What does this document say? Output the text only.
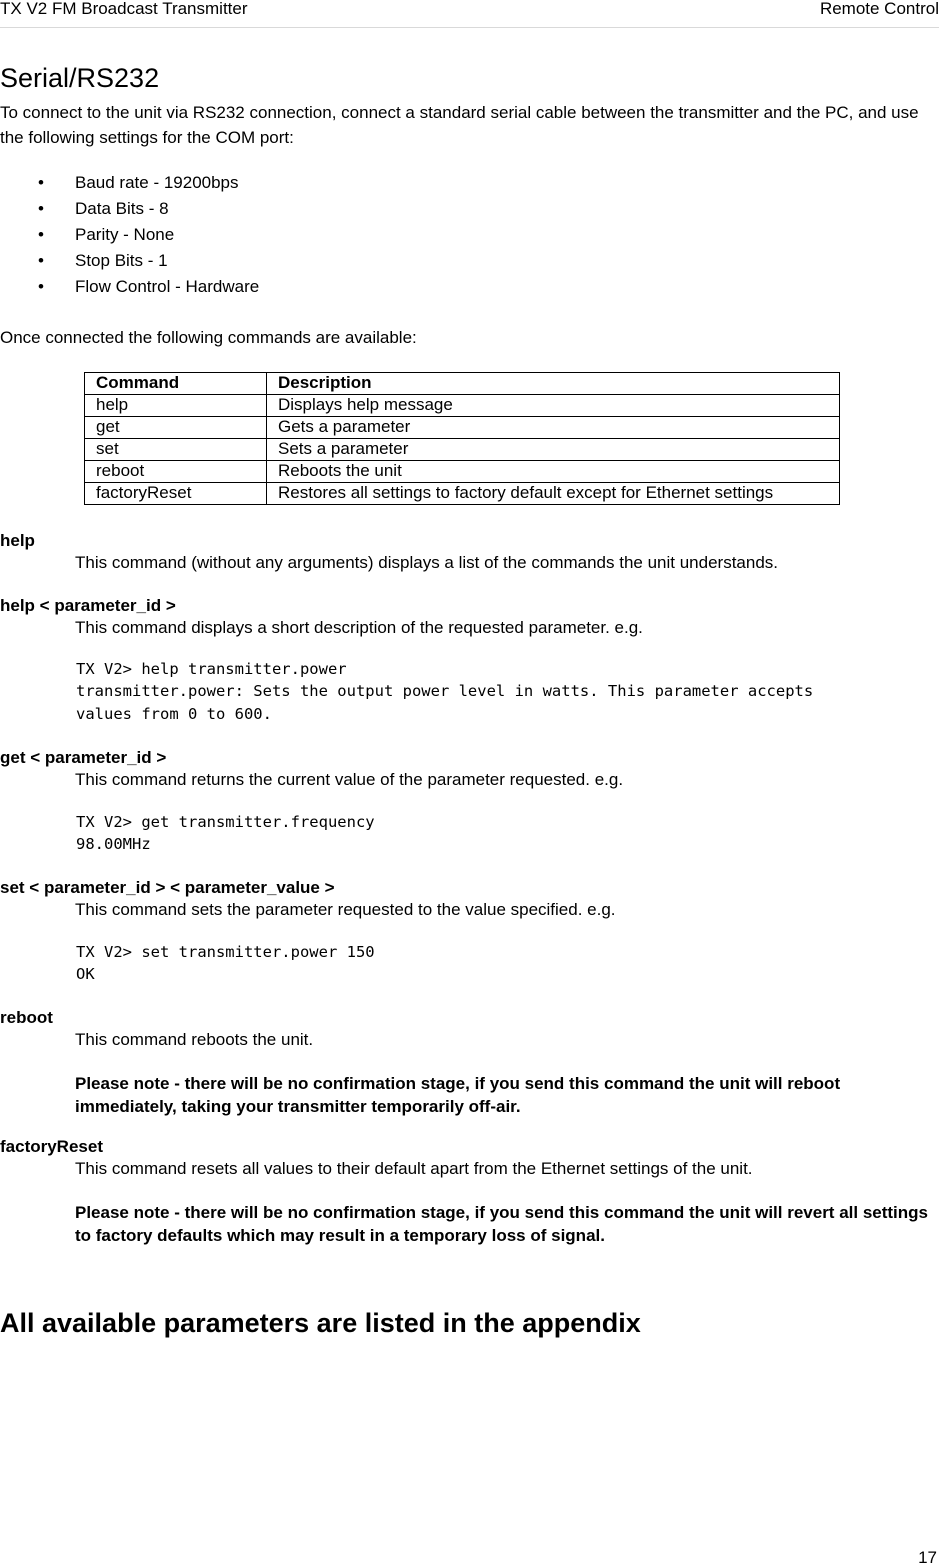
TX V2 FM Broadcast Transmitter	Remote Control
Serial/RS232
To connect to the unit via RS232 connection, connect a standard serial cable between the transmitter and the PC, and use the following settings for the COM port:
• Baud rate - 19200bps
• Data Bits - 8
• Parity - None
• Stop Bits - 1
• Flow Control - Hardware
Once connected the following commands are available:
Command	Description
help	Displays help message
get	Gets a parameter
set	Sets a parameter
reboot	Reboots the unit
factoryReset	Restores all settings to factory default except for Ethernet settings
help
This command (without any arguments) displays a list of the commands the unit understands.
help < parameter_id >
This command displays a short description of the requested parameter. e.g.
TX V2> help transmitter.power
transmitter.power: Sets the output power level in watts. This parameter accepts
values from 0 to 600.
get < parameter_id >
This command returns the current value of the parameter requested. e.g.
TX V2> get transmitter.frequency
98.00MHz
set < parameter_id > < parameter_value >
This command sets the parameter requested to the value specified. e.g.
TX V2> set transmitter.power 150
OK
reboot
This command reboots the unit.
Please note - there will be no confirmation stage, if you send this command the unit will reboot immediately, taking your transmitter temporarily off-air.
factoryReset
This command resets all values to their default apart from the Ethernet settings of the unit.
Please note - there will be no confirmation stage, if you send this command the unit will revert all settings to factory defaults which may result in a temporary loss of signal.
All available parameters are listed in the appendix
17
